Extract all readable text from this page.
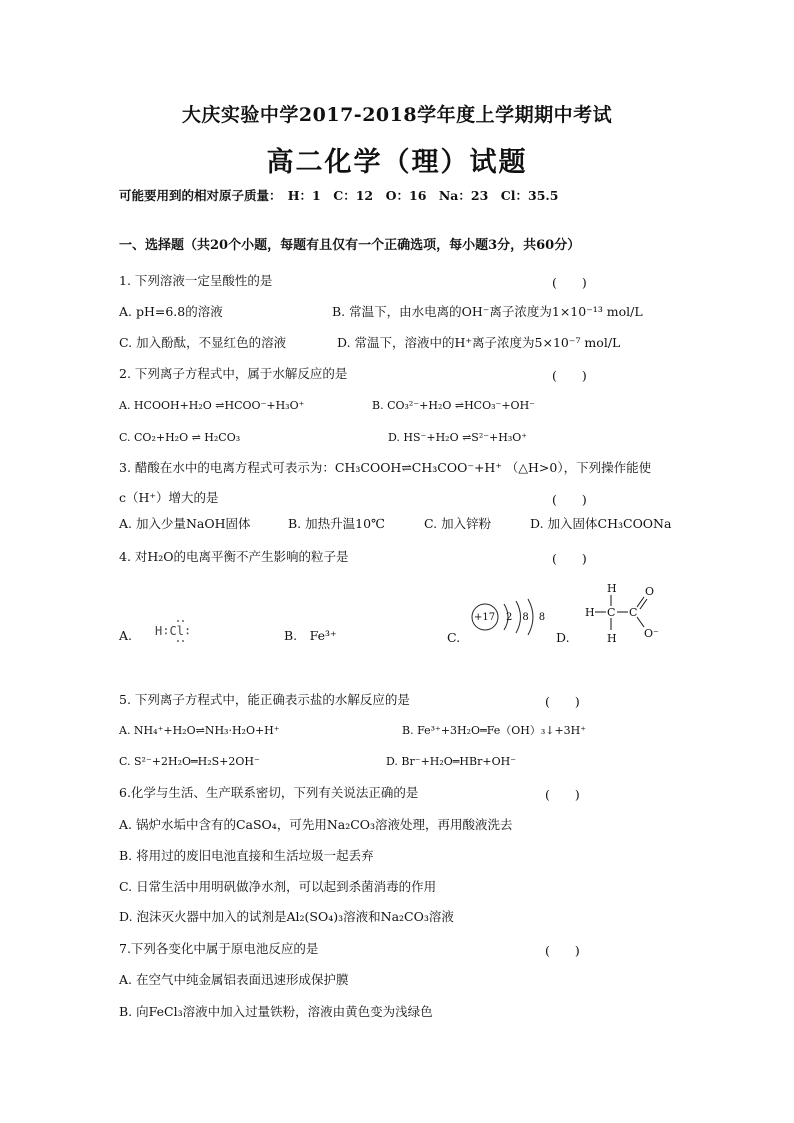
大庆实验中学2017-2018学年度上学期期中考试
高二化学（理）试题
可能要用到的相对原子质量：　H：1　C：12　O：16　Na：23　Cl：35.5
一、选择题（共20个小题，每题有且仅有一个正确选项，每小题3分，共60分）
1. 下列溶液一定呈酸性的是	(　　)
A. pH=6.8的溶液	B. 常温下，由水电离的OH⁻离子浓度为1×10⁻¹³ mol/L
C. 加入酚酞，不显红色的溶液	D. 常温下，溶液中的H⁺离子浓度为5×10⁻⁷ mol/L
2. 下列离子方程式中，属于水解反应的是	(　　)
A. HCOOH+H₂O ⇌HCOO⁻+H₃O⁺	B. CO₃²⁻+H₂O ⇌HCO₃⁻+OH⁻
C. CO₂+H₂O ⇌ H₂CO₃	D. HS⁻+H₂O ⇌S²⁻+H₃O⁺
3. 醋酸在水中的电离方程式可表示为：CH₃COOH⇌CH₃COO⁻+H⁺ （△H>0），下列操作能使
c（H⁺）增大的是	(　　)
A. 加入少量NaOH固体	B. 加热升温10℃	C. 加入锌粉	D. 加入固体CH₃COONa
4. 对H₂O的电离平衡不产生影响的粒子是	(　　)
A. H∶Cl∶	B.　Fe³⁺	C.
+17 2　8　8
D.
H
H C C
H
O
O⁻
5. 下列离子方程式中，能正确表示盐的水解反应的是	(　　)
A. NH₄⁺+H₂O⇌NH₃·H₂O+H⁺	B. Fe³⁺+3H₂O═Fe（OH）₃↓+3H⁺
C. S²⁻+2H₂O═H₂S+2OH⁻	D. Br⁻+H₂O═HBr+OH⁻
6.化学与生活、生产联系密切，下列有关说法正确的是	(　　)
A. 锅炉水垢中含有的CaSO₄，可先用Na₂CO₃溶液处理，再用酸液洗去
B. 将用过的废旧电池直接和生活垃圾一起丢弃
C. 日常生活中用明矾做净水剂，可以起到杀菌消毒的作用
D. 泡沫灭火器中加入的试剂是Al₂(SO₄)₃溶液和Na₂CO₃溶液
7.下列各变化中属于原电池反应的是	(　　)
A. 在空气中纯金属铝表面迅速形成保护膜
B. 向FeCl₃溶液中加入过量铁粉，溶液由黄色变为浅绿色
